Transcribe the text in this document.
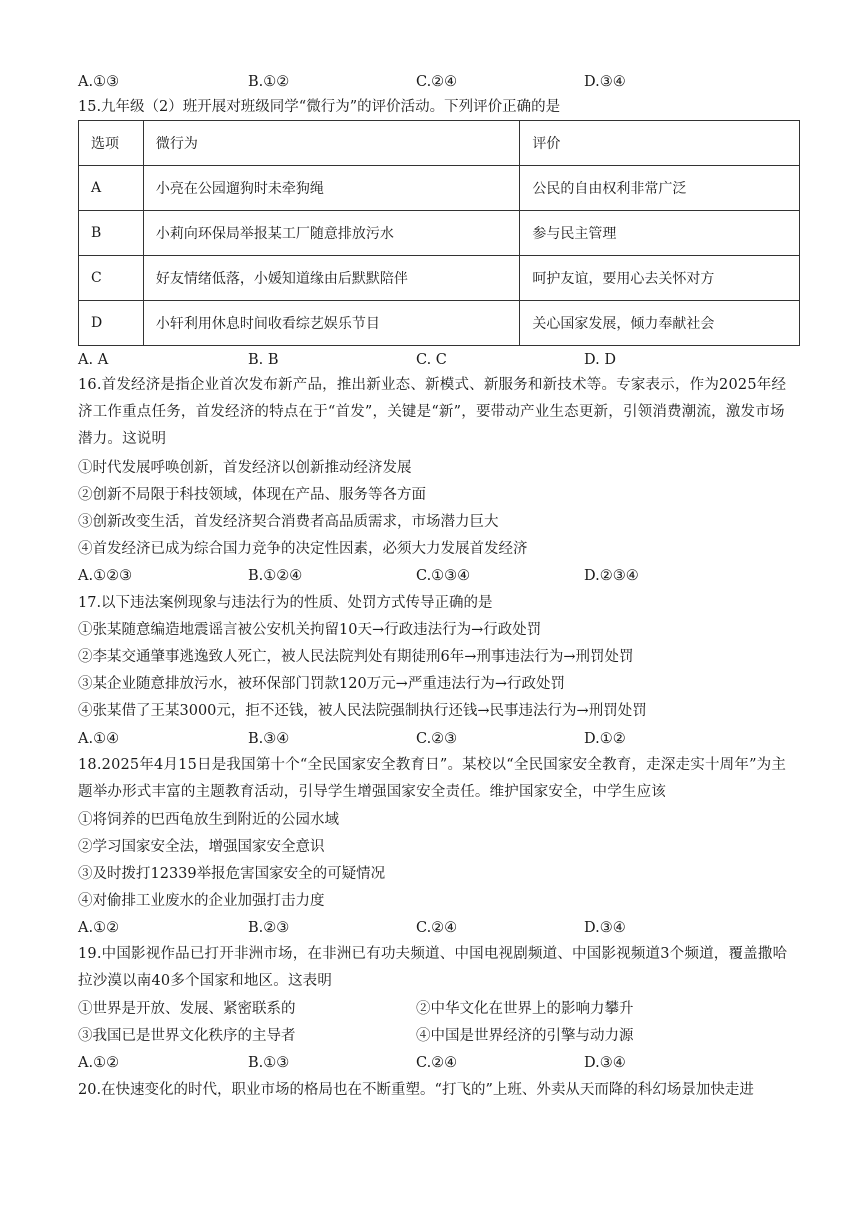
A.①③	B.①②	C.②④	D.③④
15.九年级（2）班开展对班级同学“微行为”的评价活动。下列评价正确的是
选项	微行为	评价
A	小亮在公园遛狗时未牵狗绳	公民的自由权利非常广泛
B	小莉向环保局举报某工厂随意排放污水	参与民主管理
C	好友情绪低落，小媛知道缘由后默默陪伴	呵护友谊，要用心去关怀对方
D	小轩利用休息时间收看综艺娱乐节目	关心国家发展，倾力奉献社会
A. A	B. B	C. C	D. D
16.首发经济是指企业首次发布新产品，推出新业态、新模式、新服务和新技术等。专家表示，作为2025年经济工作重点任务，首发经济的特点在于“首发”，关键是“新”，要带动产业生态更新，引领消费潮流，激发市场潜力。这说明
①时代发展呼唤创新，首发经济以创新推动经济发展
②创新不局限于科技领域，体现在产品、服务等各方面
③创新改变生活，首发经济契合消费者高品质需求，市场潜力巨大
④首发经济已成为综合国力竞争的决定性因素，必须大力发展首发经济
A.①②③	B.①②④	C.①③④	D.②③④
17.以下违法案例现象与违法行为的性质、处罚方式传导正确的是
①张某随意编造地震谣言被公安机关拘留10天→行政违法行为→行政处罚
②李某交通肇事逃逸致人死亡，被人民法院判处有期徒刑6年→刑事违法行为→刑罚处罚
③某企业随意排放污水，被环保部门罚款120万元→严重违法行为→行政处罚
④张某借了王某3000元，拒不还钱，被人民法院强制执行还钱→民事违法行为→刑罚处罚
A.①④	B.③④	C.②③	D.①②
18.2025年4月15日是我国第十个“全民国家安全教育日”。某校以“全民国家安全教育，走深走实十周年”为主题举办形式丰富的主题教育活动，引导学生增强国家安全责任。维护国家安全，中学生应该
①将饲养的巴西龟放生到附近的公园水域
②学习国家安全法，增强国家安全意识
③及时拨打12339举报危害国家安全的可疑情况
④对偷排工业废水的企业加强打击力度
A.①②	B.②③	C.②④	D.③④
19.中国影视作品已打开非洲市场，在非洲已有功夫频道、中国电视剧频道、中国影视频道3个频道，覆盖撒哈拉沙漠以南40多个国家和地区。这表明
①世界是开放、发展、紧密联系的	②中华文化在世界上的影响力攀升
③我国已是世界文化秩序的主导者	④中国是世界经济的引擎与动力源
A.①②	B.①③	C.②④	D.③④
20.在快速变化的时代，职业市场的格局也在不断重塑。“打飞的”上班、外卖从天而降的科幻场景加快走进
